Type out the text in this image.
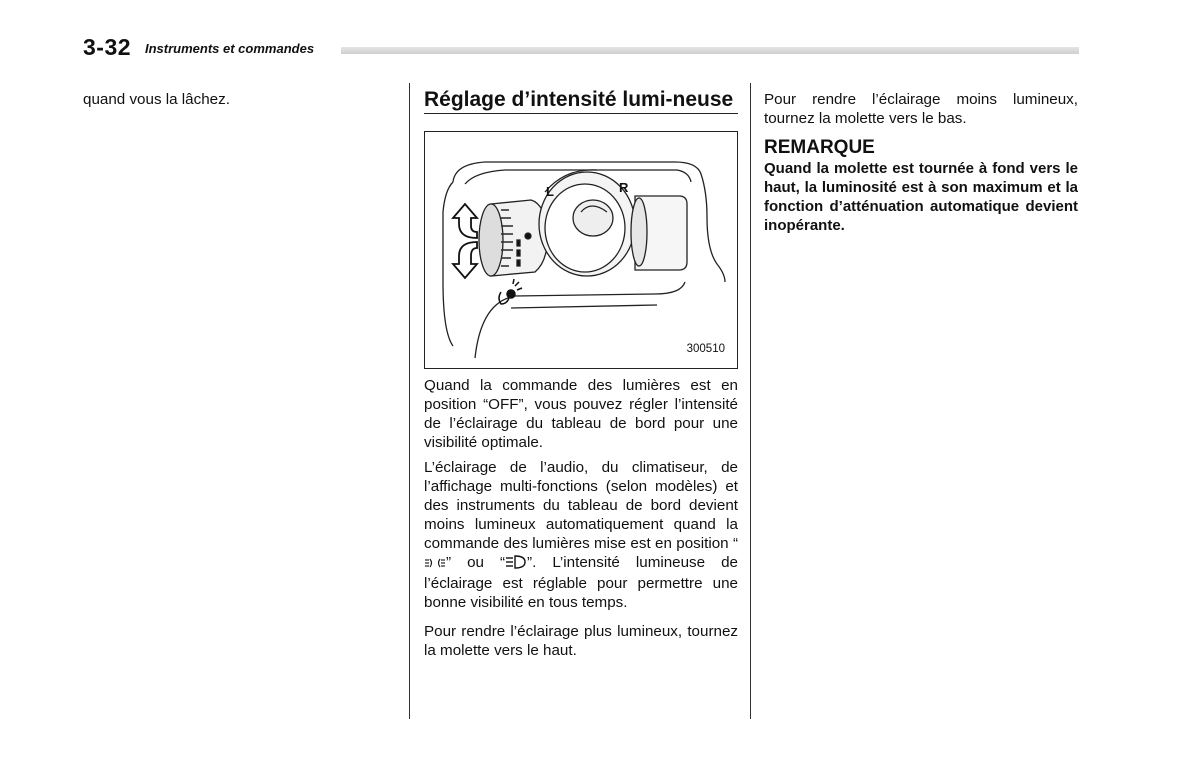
3-32 Instruments et commandes

quand vous la lâchez.	Réglage d’intensité lumi-neuse
L	R
300510

Quand la commande des lumières est en position “OFF”, vous pouvez régler l’intensité de l’éclairage du tableau de bord pour une visibilité optimale.

L’éclairage de l’audio, du climatiseur, de l’affichage multi-fonctions (selon modèles) et des instruments du tableau de bord devient moins lumineux automatiquement quand la commande des lumières mise est en position “” ou “ ”. L’intensité lumineuse de l’éclairage est réglable pour permettre une bonne visibilité en tous temps.

Pour rendre l’éclairage plus lumineux, tournez la molette vers le haut.

Pour rendre l’éclairage moins lumineux, tournez la molette vers le bas.

REMARQUE

Quand la molette est tournée à fond vers le haut, la luminosité est à son maximum et la fonction d’atténuation automatique devient inopérante.
